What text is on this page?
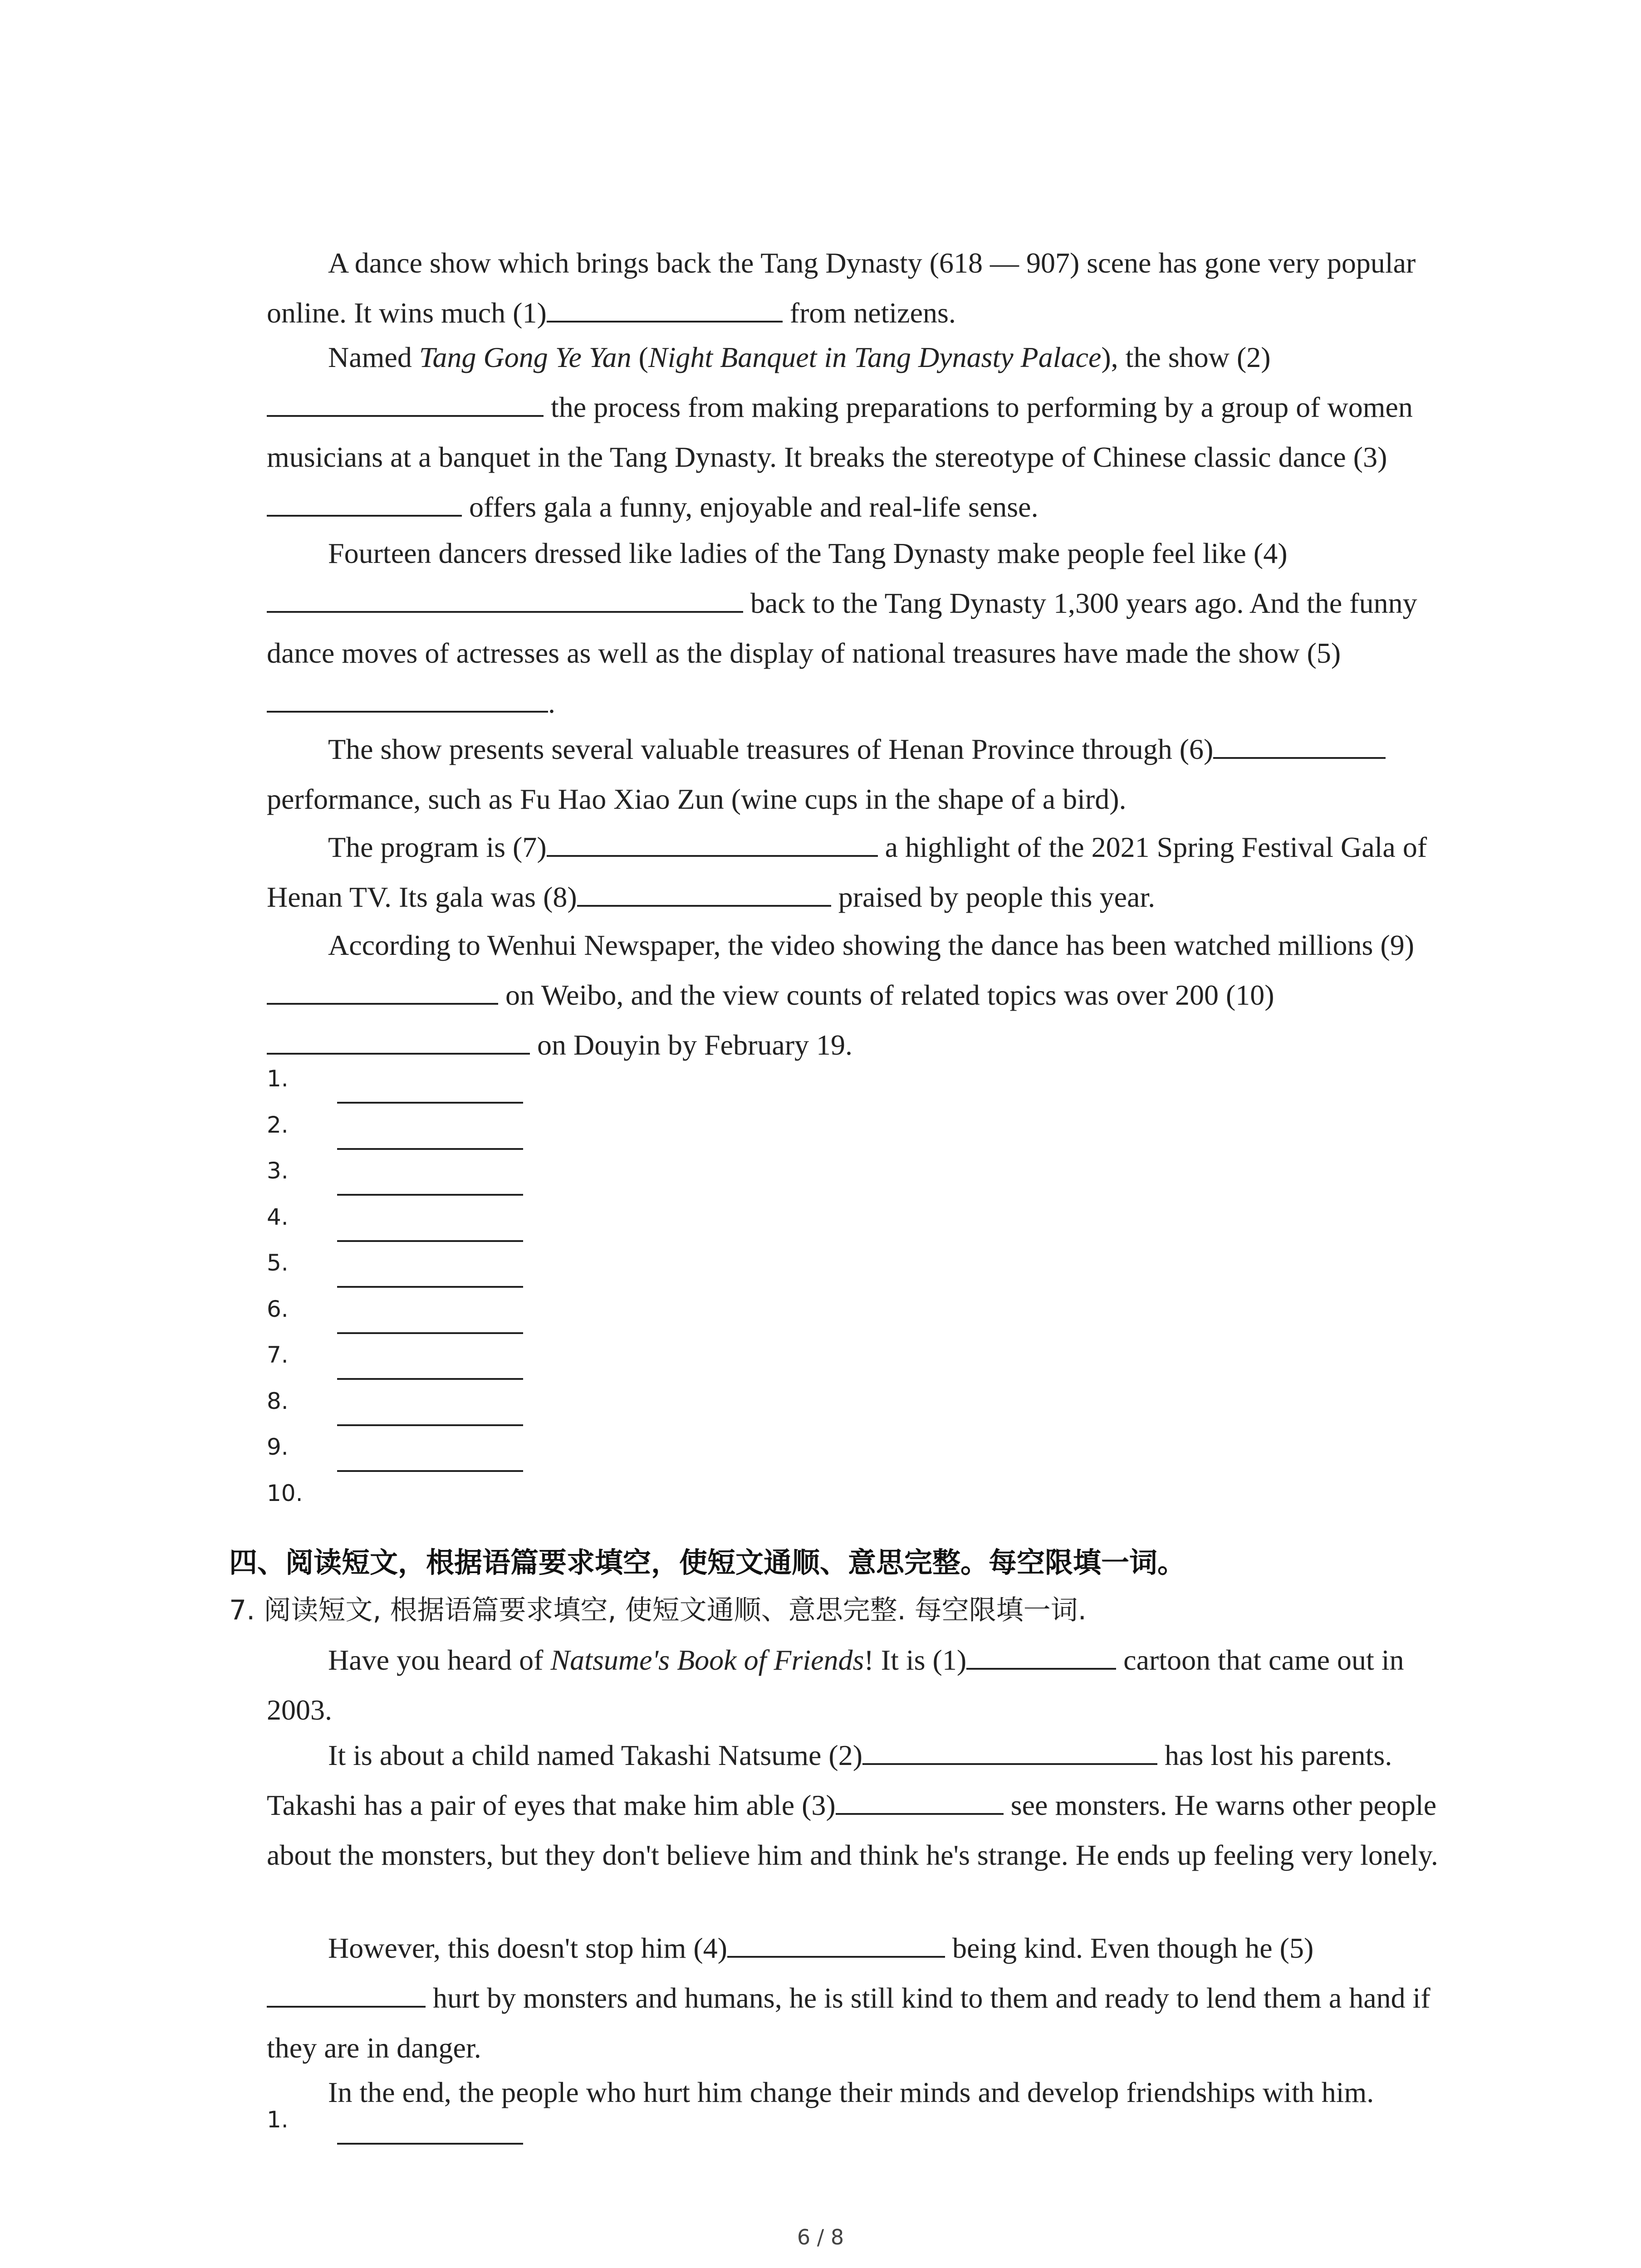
A dance show which brings back the Tang Dynasty (618 — 907) scene has gone very popular online. It wins much (1)	from netizens.

Named Tang Gong Ye Yan (Night Banquet in Tang Dynasty Palace), the show (2) the process from making preparations to performing by a group of women musicians at a banquet in the Tang Dynasty. It breaks the stereotype of Chinese classic dance (3) offers gala a funny, enjoyable and real-life sense.

Fourteen dancers dressed like ladies of the Tang Dynasty make people feel like (4) back to the Tang Dynasty 1,300 years ago. And the funny dance moves of actresses as well as the display of national treasures have made the show (5).

The show presents several valuable treasures of Henan Province through (6) performance, such as Fu Hao Xiao Zun (wine cups in the shape of a bird).

The program is (7)	a highlight of the 2021 Spring Festival Gala of Henan TV. Its gala was (8)	praised by people this year.

According to Wenhui Newspaper, the video showing the dance has been watched millions (9) on Weibo, and the view counts of related topics was over 200 (10) on Douyin by February 19.

1.
2.
3.
4.
5.
6.
7.
8.
9.
10.

四、阅读短文，根据语篇要求填空，使短文通顺、意思完整。每空限填一词。

7. 阅读短文, 根据语篇要求填空, 使短文通顺、意思完整. 每空限填一词.

Have you heard of Natsume's Book of Friends! It is (1)	cartoon that came out in 2003.

It is about a child named Takashi Natsume (2)	has lost his parents. Takashi has a pair of eyes that make him able (3)	see monsters. He warns other people about the monsters, but they don't believe him and think he's strange. He ends up feeling very lonely.

However, this doesn't stop him (4)	being kind. Even though he (5) hurt by monsters and humans, he is still kind to them and ready to lend them a hand if they are in danger.

In the end, the people who hurt him change their minds and develop friendships with him.

1.
6 / 8
